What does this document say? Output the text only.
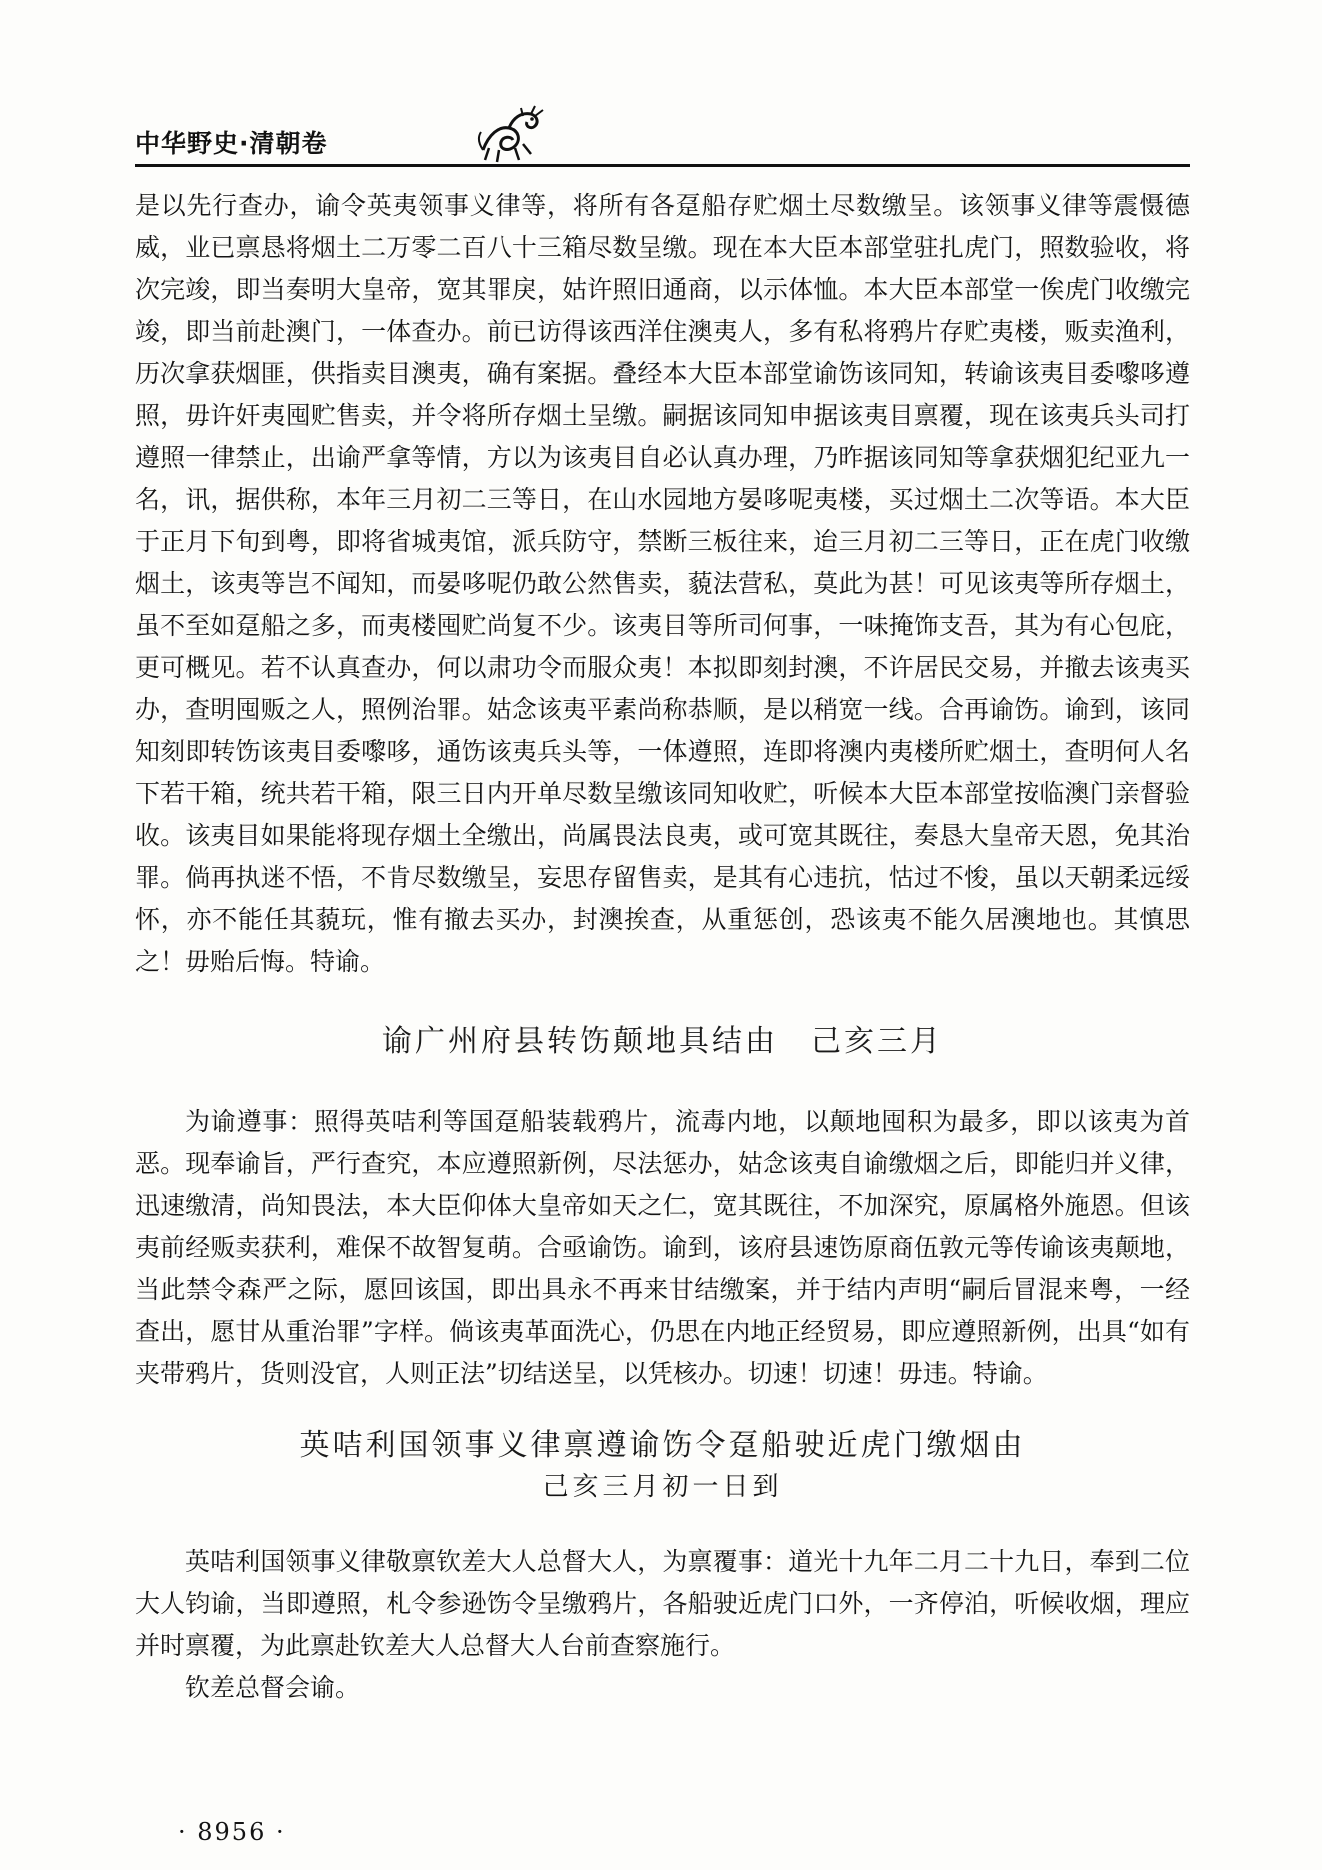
中华野史·清朝卷

是以先行查办，谕令英夷领事义律等，将所有各趸船存贮烟土尽数缴呈。该领事义律等震慑德威，业已禀恳将烟土二万零二百八十三箱尽数呈缴。现在本大臣本部堂驻扎虎门，照数验收，将次完竣，即当奏明大皇帝，宽其罪戾，姑许照旧通商，以示体恤。本大臣本部堂一俟虎门收缴完竣，即当前赴澳门，一体查办。前已访得该西洋住澳夷人，多有私将鸦片存贮夷楼，贩卖渔利，历次拿获烟匪，供指卖目澳夷，确有案据。叠经本大臣本部堂谕饬该同知，转谕该夷目委嚟哆遵照，毋许奸夷囤贮售卖，并令将所存烟土呈缴。嗣据该同知申据该夷目禀覆，现在该夷兵头司打遵照一律禁止，出谕严拿等情，方以为该夷目自必认真办理，乃昨据该同知等拿获烟犯纪亚九一名，讯，据供称，本年三月初二三等日，在山水园地方晏哆呢夷楼，买过烟土二次等语。本大臣于正月下旬到粤，即将省城夷馆，派兵防守，禁断三板往来，迨三月初二三等日，正在虎门收缴烟土，该夷等岂不闻知，而晏哆呢仍敢公然售卖，藐法营私，莫此为甚！可见该夷等所存烟土，虽不至如趸船之多，而夷楼囤贮尚复不少。该夷目等所司何事，一味掩饰支吾，其为有心包庇，更可概见。若不认真查办，何以肃功令而服众夷！本拟即刻封澳，不许居民交易，并撤去该夷买办，查明囤贩之人，照例治罪。姑念该夷平素尚称恭顺，是以稍宽一线。合再谕饬。谕到，该同知刻即转饬该夷目委嚟哆，通饬该夷兵头等，一体遵照，连即将澳内夷楼所贮烟土，查明何人名下若干箱，统共若干箱，限三日内开单尽数呈缴该同知收贮，听候本大臣本部堂按临澳门亲督验收。该夷目如果能将现存烟土全缴出，尚属畏法良夷，或可宽其既往，奏恳大皇帝天恩，免其治罪。倘再执迷不悟，不肯尽数缴呈，妄思存留售卖，是其有心违抗，怙过不悛，虽以天朝柔远绥怀，亦不能任其藐玩，惟有撤去买办，封澳挨查，从重惩创，恐该夷不能久居澳地也。其慎思之！毋贻后悔。特谕。

谕广州府县转饬颠地具结由　己亥三月

为谕遵事：照得英咭利等国趸船装载鸦片，流毒内地，以颠地囤积为最多，即以该夷为首恶。现奉谕旨，严行查究，本应遵照新例，尽法惩办，姑念该夷自谕缴烟之后，即能归并义律，迅速缴清，尚知畏法，本大臣仰体大皇帝如天之仁，宽其既往，不加深究，原属格外施恩。但该夷前经贩卖获利，难保不故智复萌。合亟谕饬。谕到，该府县速饬原商伍敦元等传谕该夷颠地，当此禁令森严之际，愿回该国，即出具永不再来甘结缴案，并于结内声明“嗣后冒混来粤，一经查出，愿甘从重治罪”字样。倘该夷革面洗心，仍思在内地正经贸易，即应遵照新例，出具“如有夹带鸦片，货则没官，人则正法”切结送呈，以凭核办。切速！切速！毋违。特谕。

英咭利国领事义律禀遵谕饬令趸船驶近虎门缴烟由

己亥三月初一日到

英咭利国领事义律敬禀钦差大人总督大人，为禀覆事：道光十九年二月二十九日，奉到二位大人钧谕，当即遵照，札令参逊饬令呈缴鸦片，各船驶近虎门口外，一齐停泊，听候收烟，理应并时禀覆，为此禀赴钦差大人总督大人台前查察施行。

钦差总督会谕。

· 8956 ·
